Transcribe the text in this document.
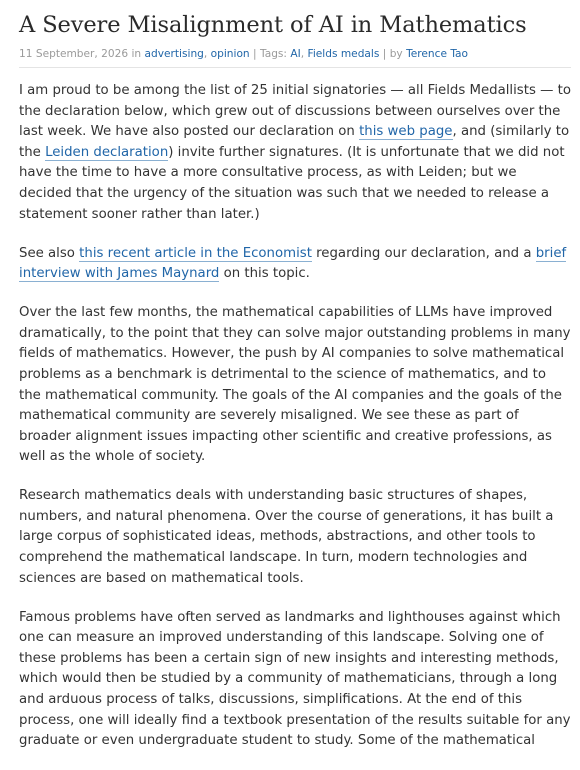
A Severe Misalignment of AI in Mathematics
11 September, 2026 in advertising, opinion | Tags: AI, Fields medals | by Terence Tao

I am proud to be among the list of 25 initial signatories — all Fields Medallists — to the declaration below, which grew out of discussions between ourselves over the last week. We have also posted our declaration on this web page, and (similarly to the Leiden declaration) invite further signatures. (It is unfortunate that we did not have the time to have a more consultative process, as with Leiden; but we decided that the urgency of the situation was such that we needed to release a statement sooner rather than later.)

See also this recent article in the Economist regarding our declaration, and a brief interview with James Maynard on this topic.

Over the last few months, the mathematical capabilities of LLMs have improved dramatically, to the point that they can solve major outstanding problems in many fields of mathematics. However, the push by AI companies to solve mathematical problems as a benchmark is detrimental to the science of mathematics, and to the mathematical community. The goals of the AI companies and the goals of the mathematical community are severely misaligned. We see these as part of broader alignment issues impacting other scientific and creative professions, as well as the whole of society.

Research mathematics deals with understanding basic structures of shapes, numbers, and natural phenomena. Over the course of generations, it has built a large corpus of sophisticated ideas, methods, abstractions, and other tools to comprehend the mathematical landscape. In turn, modern technologies and sciences are based on mathematical tools.

Famous problems have often served as landmarks and lighthouses against which one can measure an improved understanding of this landscape. Solving one of these problems has been a certain sign of new insights and interesting methods, which would then be studied by a community of mathematicians, through a long and arduous process of talks, discussions, simplifications. At the end of this process, one will ideally find a textbook presentation of the results suitable for any graduate or even undergraduate student to study. Some of the mathematical
